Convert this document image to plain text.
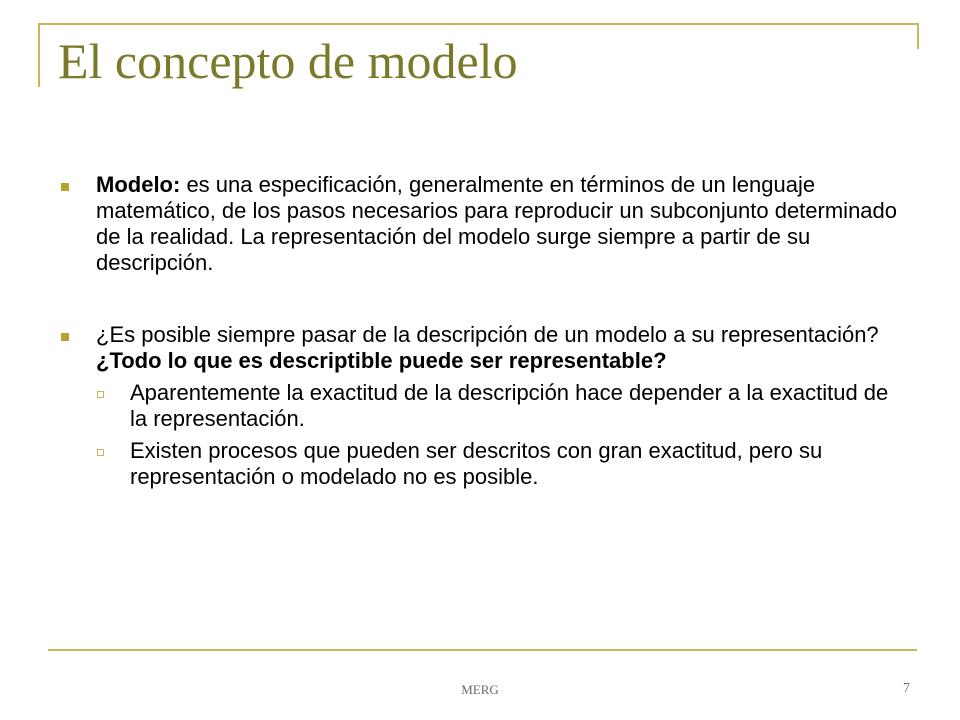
El concepto de modelo
Modelo: es una especificación, generalmente en términos de un lenguaje matemático, de los pasos necesarios para reproducir un subconjunto determinado de la realidad. La representación del modelo surge siempre a partir de su descripción.
¿Es posible siempre pasar de la descripción de un modelo a su representación? ¿Todo lo que es descriptible puede ser representable?
Aparentemente la exactitud de la descripción hace depender a la exactitud de la representación.
Existen procesos que pueden ser descritos con gran exactitud, pero su representación o modelado no es posible.
MERG	7
